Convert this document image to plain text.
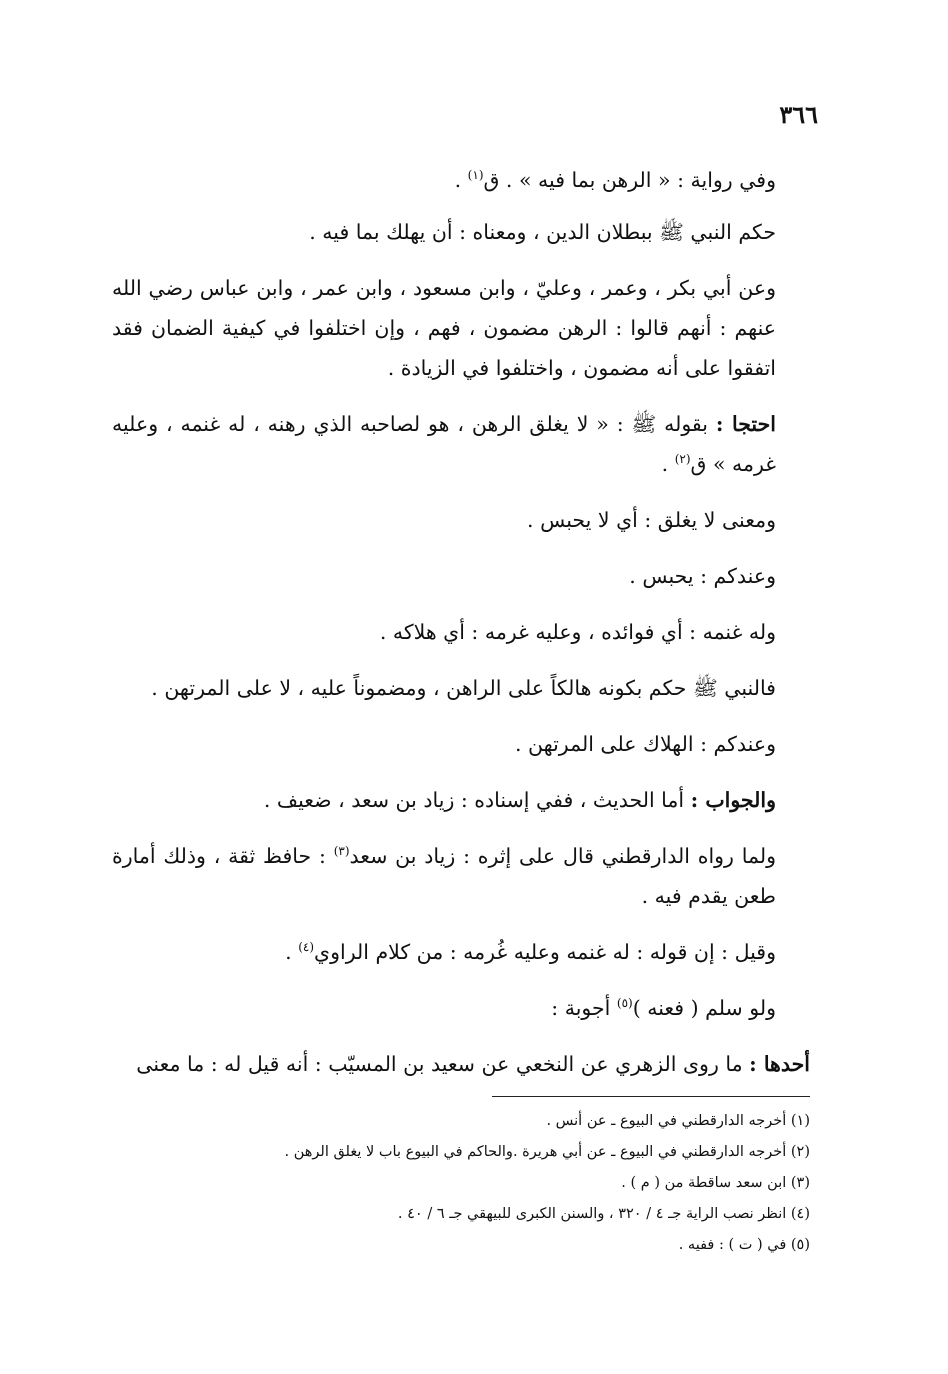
٣٦٦

وفي رواية : « الرهن بما فيه » . ق$^{(١)}$ .

حكم النبي ﷺ ببطلان الدين ، ومعناه : أن يهلك بما فيه .

وعن أبي بكر ، وعمر ، وعليّ ، وابن مسعود ، وابن عمر ، وابن عباس رضي الله عنهم : أنهم قالوا : الرهن مضمون ، فهم ، وإن اختلفوا في كيفية الضمان فقد اتفقوا على أنه مضمون ، واختلفوا في الزيادة .

احتجا : بقوله ﷺ : « لا يغلق الرهن ، هو لصاحبه الذي رهنه ، له غنمه ، وعليه غرمه » ق$^{(٢)}$ .

ومعنى لا يغلق : أي لا يحبس .

وعندكم : يحبس .

وله غنمه : أي فوائده ، وعليه غرمه : أي هلاكه .

فالنبي ﷺ حكم بكونه هالكاً على الراهن ، ومضموناً عليه ، لا على المرتهن .

وعندكم : الهلاك على المرتهن .

والجواب : أما الحديث ، ففي إسناده : زياد بن سعد ، ضعيف .

ولما رواه الدارقطني قال على إثره : زياد بن سعد$^{(٣)}$ : حافظ ثقة ، وذلك أمارة طعن يقدم فيه .

وقيل : إن قوله : له غنمه وعليه غُرمه : من كلام الراوي$^{(٤)}$ .

ولو سلم ( فعنه )$^{(٥)}$ أجوبة :

أحدها : ما روى الزهري عن النخعي عن سعيد بن المسيّب : أنه قيل له : ما معنى

(١) أخرجه الدارقطني في البيوع ـ عن أنس .

(٢) أخرجه الدارقطني في البيوع ـ عن أبي هريرة .والحاكم في البيوع باب لا يغلق الرهن .

(٣) ابن سعد ساقطة من ( م ) .

(٤) انظر نصب الراية جـ ٤ / ٣٢٠ ، والسنن الكبرى للبيهقي جـ ٦ / ٤٠ .

(٥) في ( ت ) : ففيه .
